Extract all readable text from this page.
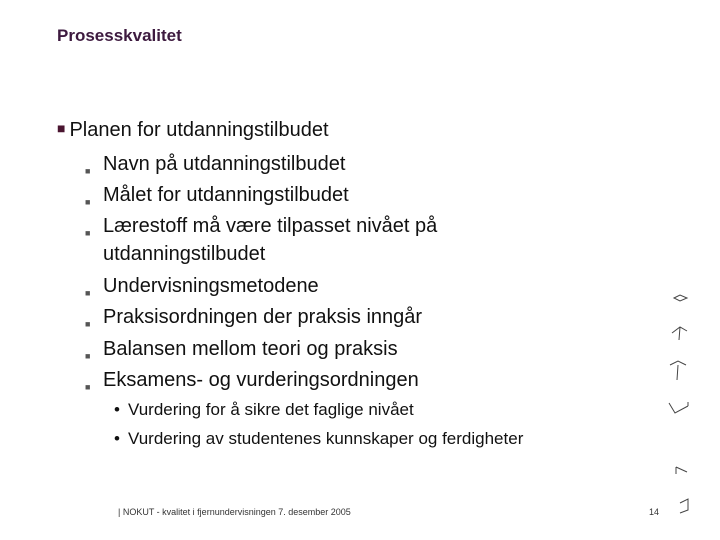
Prosesskvalitet
■ Planen for utdanningstilbudet
■ Navn på utdanningstilbudet
■ Målet for utdanningstilbudet
■ Lærestoff må være tilpasset nivået på
utdanningstilbudet
■ Undervisningsmetodene
■ Praksisordningen der praksis inngår
■ Balansen mellom teori og praksis
■ Eksamens- og vurderingsordningen
• Vurdering for å sikre det faglige nivået
• Vurdering av studentenes kunnskaper og ferdigheter
| NOKUT - kvalitet i fjernundervisningen 7. desember 2005	14
